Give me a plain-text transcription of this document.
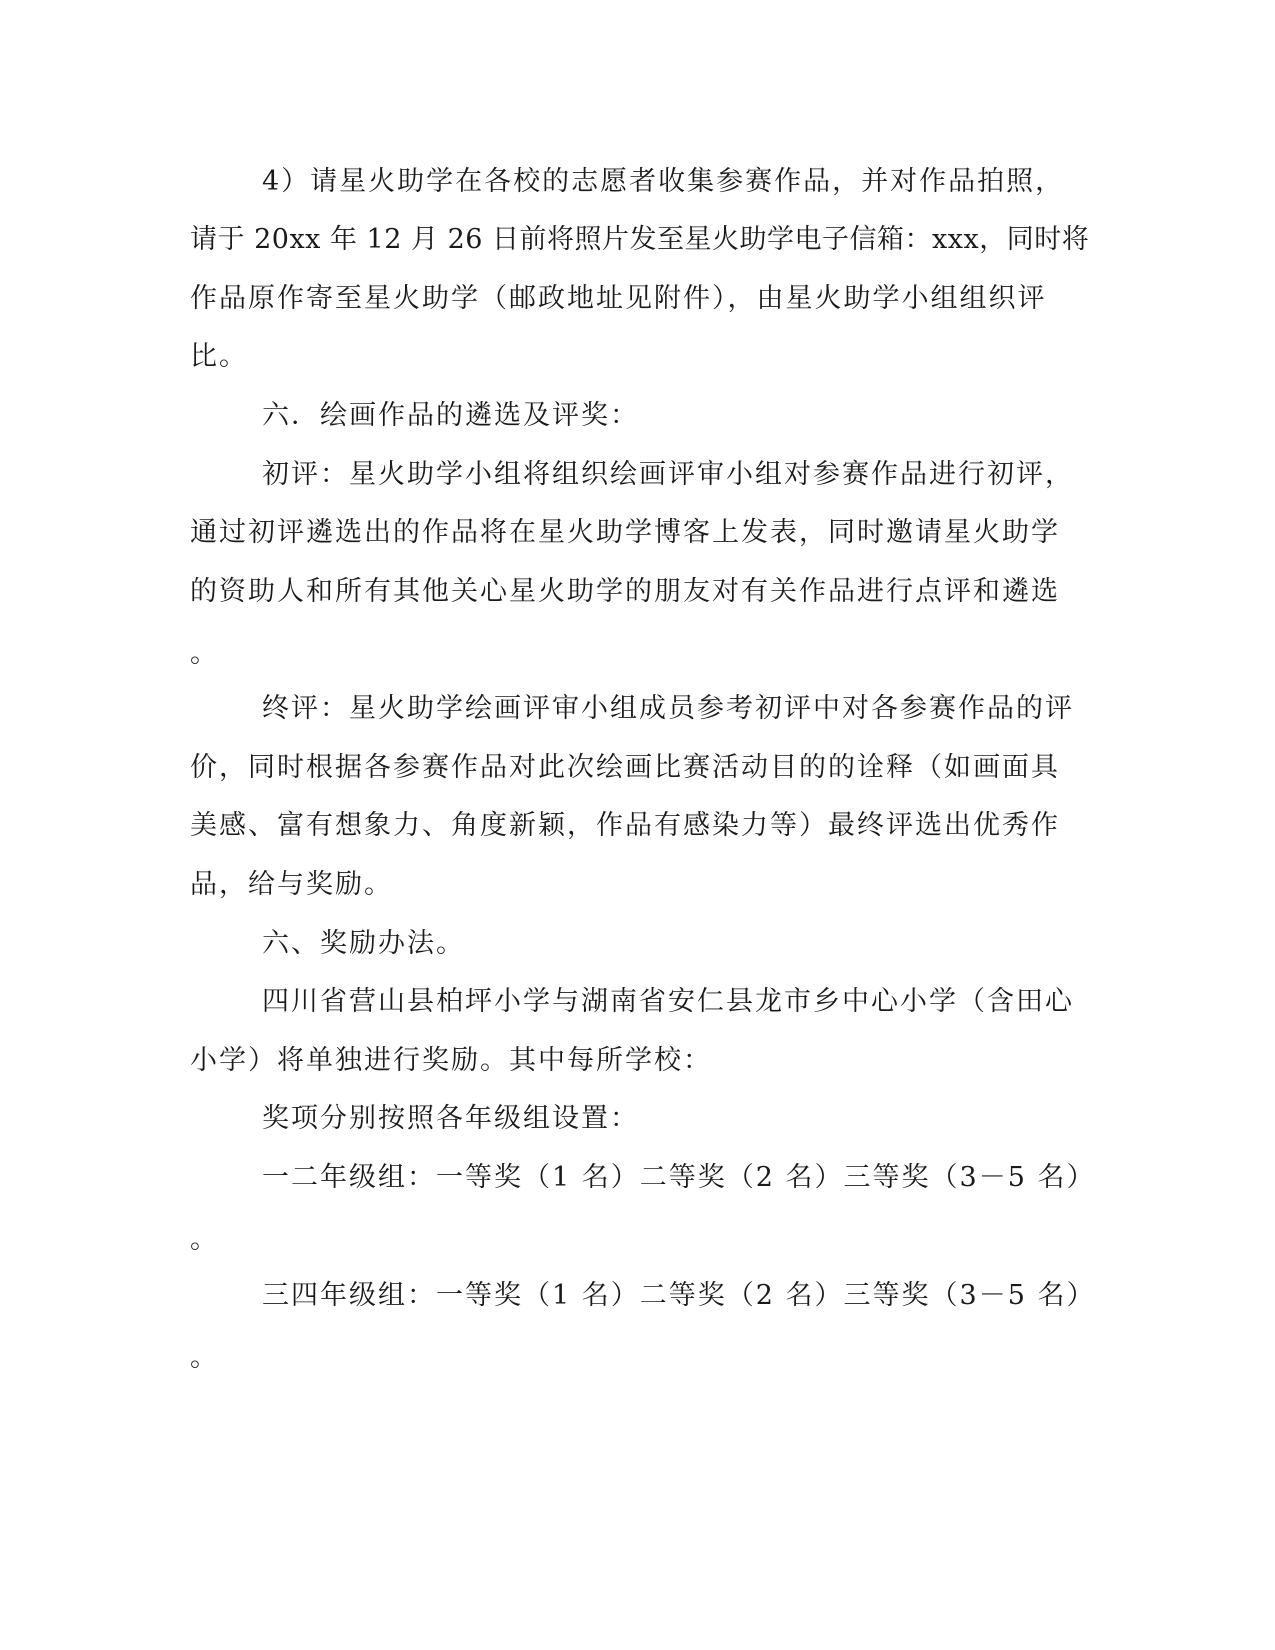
4）请星火助学在各校的志愿者收集参赛作品，并对作品拍照，
请于 20xx 年 12 月 26 日前将照片发至星火助学电子信箱：xxx，同时将
作品原作寄至星火助学（邮政地址见附件），由星火助学小组组织评
比。
六．绘画作品的遴选及评奖：
初评：星火助学小组将组织绘画评审小组对参赛作品进行初评，
通过初评遴选出的作品将在星火助学博客上发表，同时邀请星火助学
的资助人和所有其他关心星火助学的朋友对有关作品进行点评和遴选
。
终评：星火助学绘画评审小组成员参考初评中对各参赛作品的评
价，同时根据各参赛作品对此次绘画比赛活动目的的诠释（如画面具
美感、富有想象力、角度新颖，作品有感染力等）最终评选出优秀作
品，给与奖励。
六、奖励办法。
四川省营山县柏坪小学与湖南省安仁县龙市乡中心小学（含田心
小学）将单独进行奖励。其中每所学校：
奖项分别按照各年级组设置：
一二年级组：一等奖（1 名）二等奖（2 名）三等奖（3－5 名）
。
三四年级组：一等奖（1 名）二等奖（2 名）三等奖（3－5 名）
。
